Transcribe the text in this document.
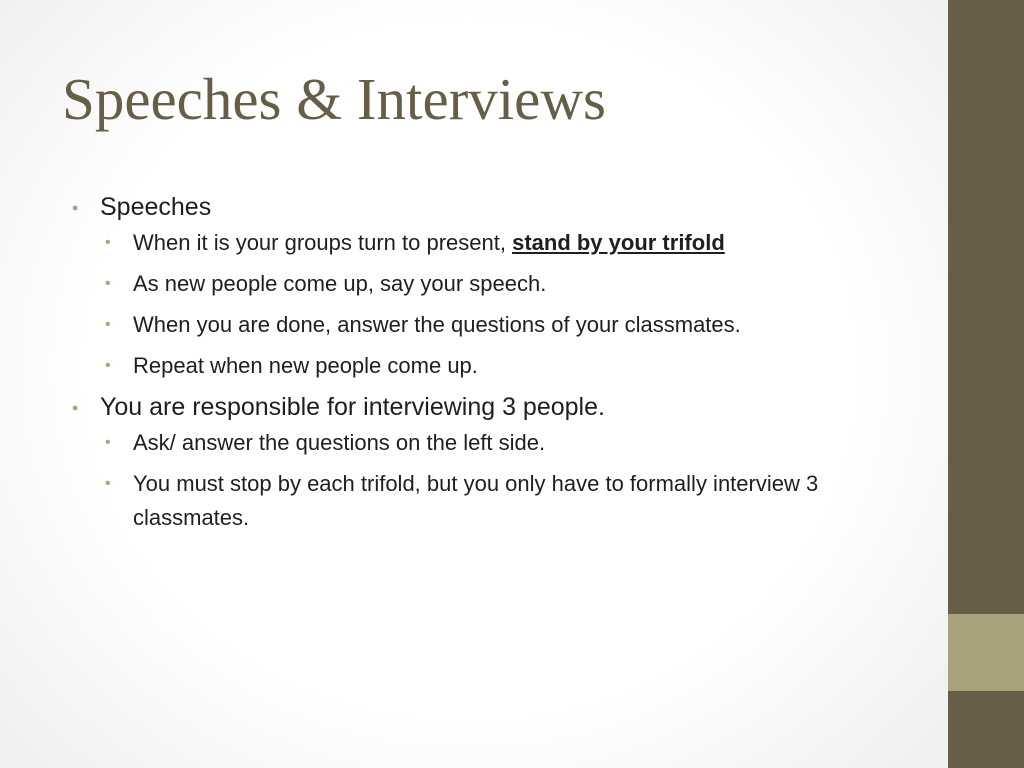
Speeches & Interviews
• Speeches
• When it is your groups turn to present, stand by your trifold
• As new people come up, say your speech.
• When you are done, answer the questions of your classmates.
• Repeat when new people come up.
• You are responsible for interviewing 3 people.
• Ask/ answer the questions on the left side.
• You must stop by each trifold, but you only have to formally interview 3 classmates.
